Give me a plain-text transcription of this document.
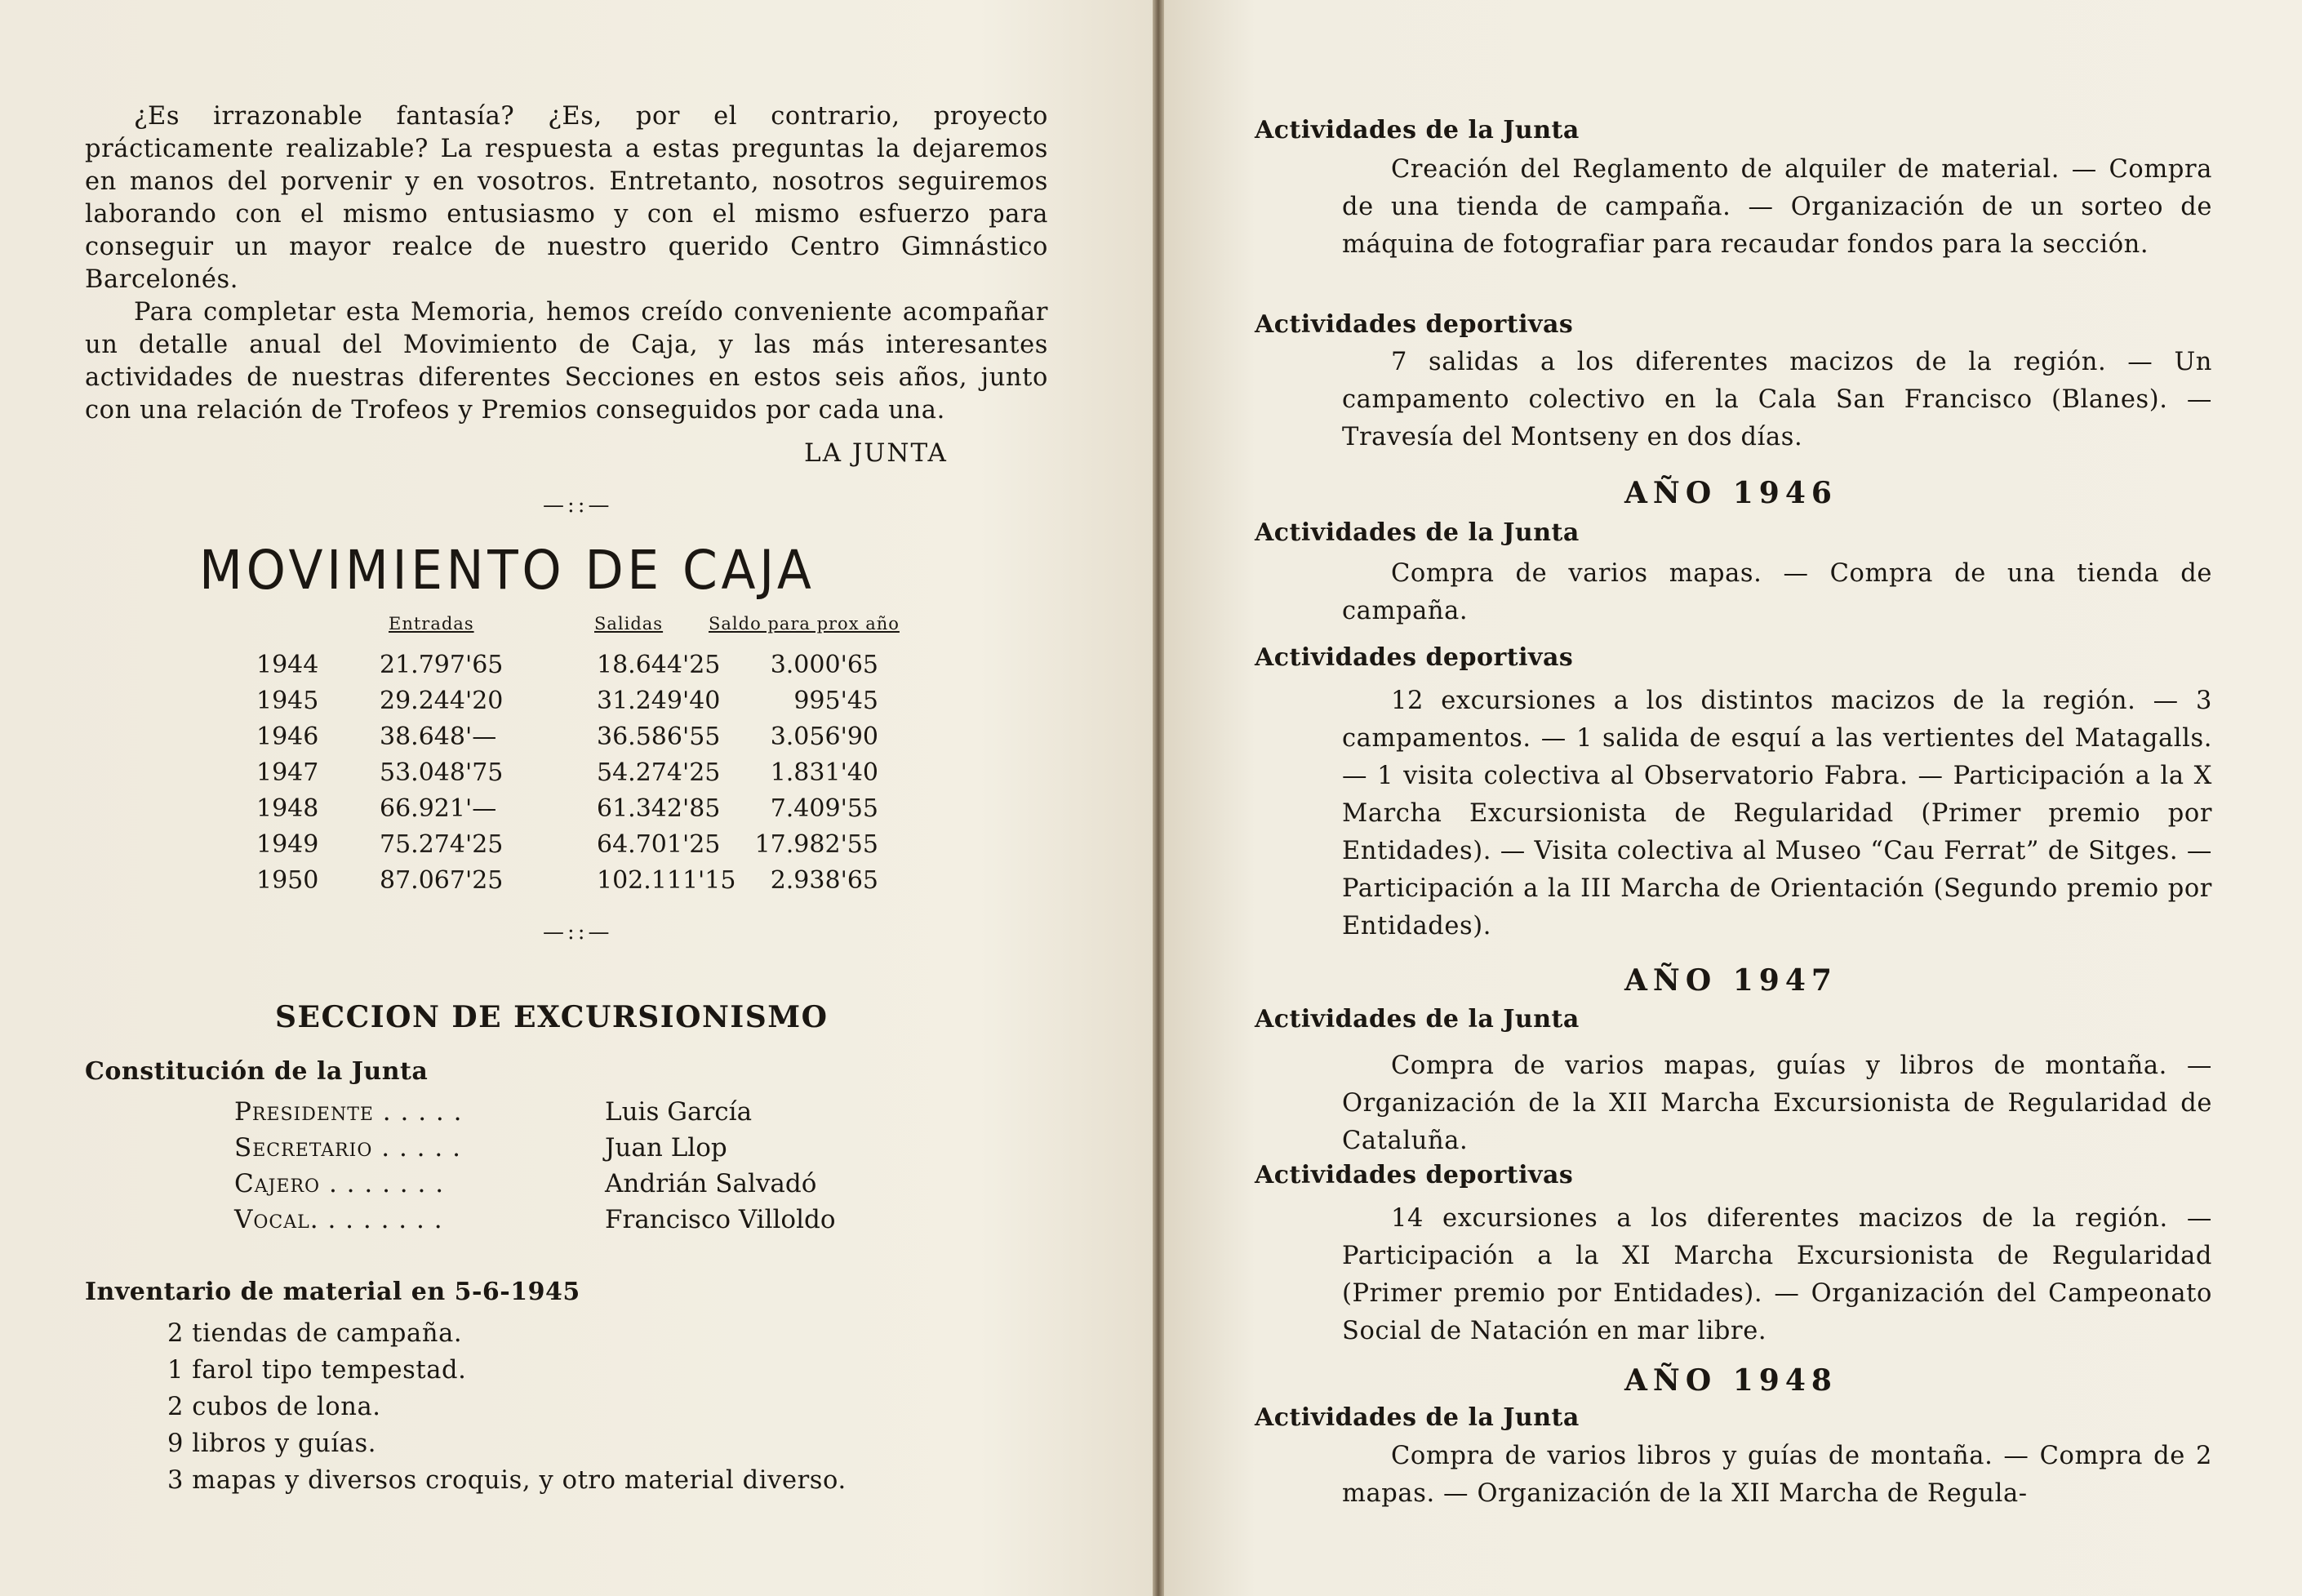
¿Es irrazonable fantasía? ¿Es, por el contrario, proyecto prácticamente realizable? La respuesta a estas preguntas la dejaremos en manos del porvenir y en vosotros. Entretanto, nosotros seguiremos laborando con el mismo entusiasmo y con el mismo esfuerzo para conseguir un mayor realce de nuestro querido Centro Gimnástico Barcelonés.

Para completar esta Memoria, hemos creído conveniente acompañar un detalle anual del Movimiento de Caja, y las más interesantes actividades de nuestras diferentes Secciones en estos seis años, junto con una relación de Trofeos y Premios conseguidos por cada una.

LA JUNTA
—::—
MOVIMIENTO DE CAJA
Entradas	Salidas	Saldo para prox año
1944 21.797'65	18.644'25 3.000'65
1945 29.244'20	31.249'40	995'45
1946 38.648'—	36.586'55 3.056'90
1947 53.048'75	54.274'25 1.831'40
1948 66.921'—	61.342'85 7.409'55
1949 75.274'25	64.701'25 17.982'55
1950 87.067'25	102.111'15 2.938'65
—::—
SECCION DE EXCURSIONISMO
Constitución de la Junta
Presidente . . . . .	Luis García
Secretario . . . . .	Juan Llop
Cajero . . . . . . .	Andrián Salvadó
Vocal. . . . . . . .	Francisco Villoldo
Inventario de material en 5-6-1945

2 tiendas de campaña.

1 farol tipo tempestad.

2 cubos de lona.

9 libros y guías.

3 mapas y diversos croquis, y otro material diverso.

Actividades de la Junta
Creación del Reglamento de alquiler de material. — Compra de una tienda de campaña. — Organización de un sorteo de máquina de fotografiar para recaudar fondos para la sección.
Actividades deportivas
7 salidas a los diferentes macizos de la región. — Un campamento colectivo en la Cala San Francisco (Blanes). — Travesía del Montseny en dos días.
AÑO 1946
Actividades de la Junta
Compra de varios mapas. — Compra de una tienda de campaña.
Actividades deportivas
12 excursiones a los distintos macizos de la región. — 3 campamentos. — 1 salida de esquí a las vertientes del Matagalls. — 1 visita colectiva al Observatorio Fabra. — Participación a la X Marcha Excursionista de Regularidad (Primer premio por Entidades). — Visita colectiva al Museo “Cau Ferrat” de Sitges. — Participación a la III Marcha de Orientación (Segundo premio por Entidades).
AÑO 1947
Actividades de la Junta
Compra de varios mapas, guías y libros de montaña. — Organización de la XII Marcha Excursionista de Regularidad de Cataluña.
Actividades deportivas
14 excursiones a los diferentes macizos de la región. — Participación a la XI Marcha Excursionista de Regularidad (Primer premio por Entidades). — Organización del Campeonato Social de Natación en mar libre.
AÑO 1948
Actividades de la Junta
Compra de varios libros y guías de montaña. — Compra de 2 mapas. — Organización de la XII Marcha de Regula-
